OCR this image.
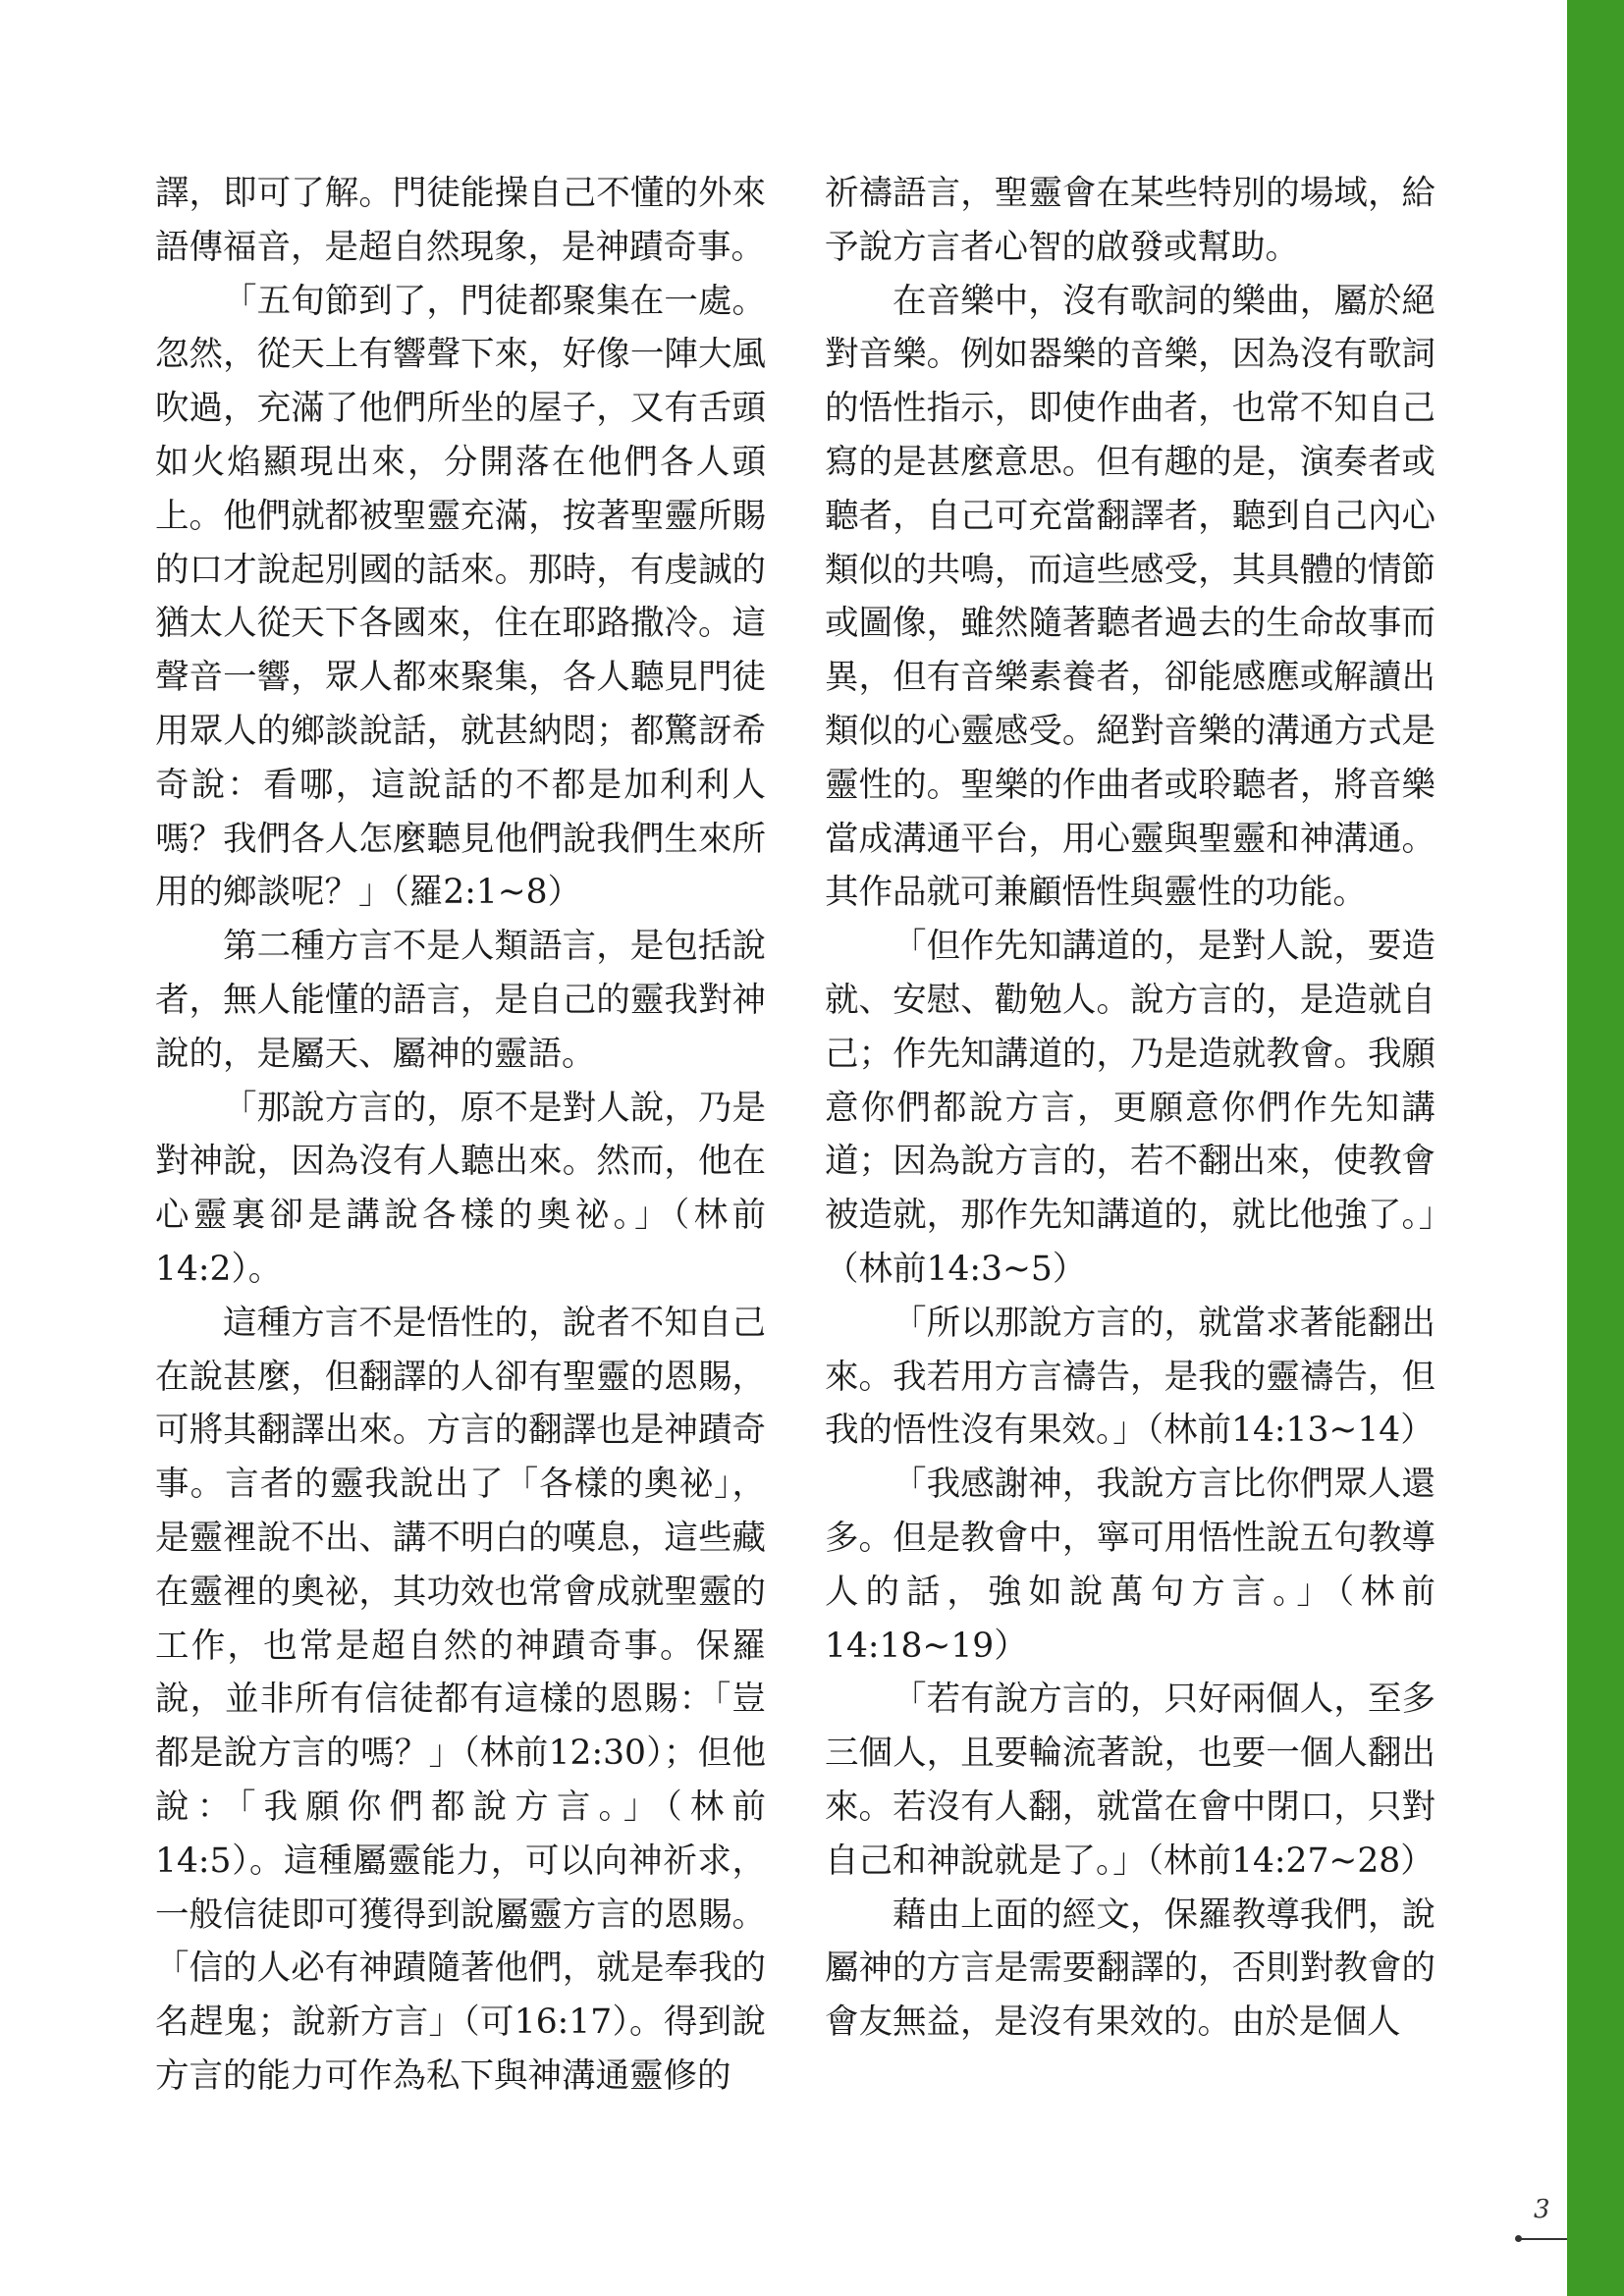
譯，即可了解。門徒能操自己不懂的外來語傳福音，是超自然現象，是神蹟奇事。

「五旬節到了，門徒都聚集在一處。忽然，從天上有響聲下來，好像一陣大風吹過，充滿了他們所坐的屋子，又有舌頭如火焰顯現出來，分開落在他們各人頭上。他們就都被聖靈充滿，按著聖靈所賜的口才說起別國的話來。那時，有虔誠的猶太人從天下各國來，住在耶路撒冷。這聲音一響，眾人都來聚集，各人聽見門徒用眾人的鄉談說話，就甚納悶；都驚訝希奇說：看哪，這說話的不都是加利利人嗎？我們各人怎麼聽見他們說我們生來所用的鄉談呢？」（羅2:1~8）

第二種方言不是人類語言，是包括說者，無人能懂的語言，是自己的靈我對神說的，是屬天、屬神的靈語。

「那說方言的，原不是對人說，乃是對神說，因為沒有人聽出來。然而，他在心靈裏卻是講說各樣的奧祕。」（林前14:2）。

這種方言不是悟性的，說者不知自己在說甚麼，但翻譯的人卻有聖靈的恩賜，可將其翻譯出來。方言的翻譯也是神蹟奇事。言者的靈我說出了「各樣的奧祕」，是靈裡說不出、講不明白的嘆息，這些藏在靈裡的奧祕，其功效也常會成就聖靈的工作，也常是超自然的神蹟奇事。保羅說，並非所有信徒都有這樣的恩賜：「豈都是說方言的嗎？」（林前12:30）；但他說：「我願你們都說方言。」（林前14:5）。這種屬靈能力，可以向神祈求，一般信徒即可獲得到說屬靈方言的恩賜。「信的人必有神蹟隨著他們，就是奉我的名趕鬼；說新方言」（可16:17）。得到說方言的能力可作為私下與神溝通靈修的

祈禱語言，聖靈會在某些特別的場域，給予說方言者心智的啟發或幫助。

在音樂中，沒有歌詞的樂曲，屬於絕對音樂。例如器樂的音樂，因為沒有歌詞的悟性指示，即使作曲者，也常不知自己寫的是甚麼意思。但有趣的是，演奏者或聽者，自己可充當翻譯者，聽到自己內心類似的共鳴，而這些感受，其具體的情節或圖像，雖然隨著聽者過去的生命故事而異，但有音樂素養者，卻能感應或解讀出類似的心靈感受。絕對音樂的溝通方式是靈性的。聖樂的作曲者或聆聽者，將音樂當成溝通平台，用心靈與聖靈和神溝通。其作品就可兼顧悟性與靈性的功能。

「但作先知講道的，是對人說，要造就、安慰、勸勉人。說方言的，是造就自己；作先知講道的，乃是造就教會。我願意你們都說方言，更願意你們作先知講道；因為說方言的，若不翻出來，使教會被造就，那作先知講道的，就比他強了。」（林前14:3~5）

「所以那說方言的，就當求著能翻出來。我若用方言禱告，是我的靈禱告，但我的悟性沒有果效。」（林前14:13~14）

「我感謝神，我說方言比你們眾人還多。但是教會中，寧可用悟性說五句教導人的話，強如說萬句方言。」（林前14:18~19）

「若有說方言的，只好兩個人，至多三個人，且要輪流著說，也要一個人翻出來。若沒有人翻，就當在會中閉口，只對自己和神說就是了。」（林前14:27~28）

藉由上面的經文，保羅教導我們，說屬神的方言是需要翻譯的，否則對教會的會友無益，是沒有果效的。由於是個人

3
